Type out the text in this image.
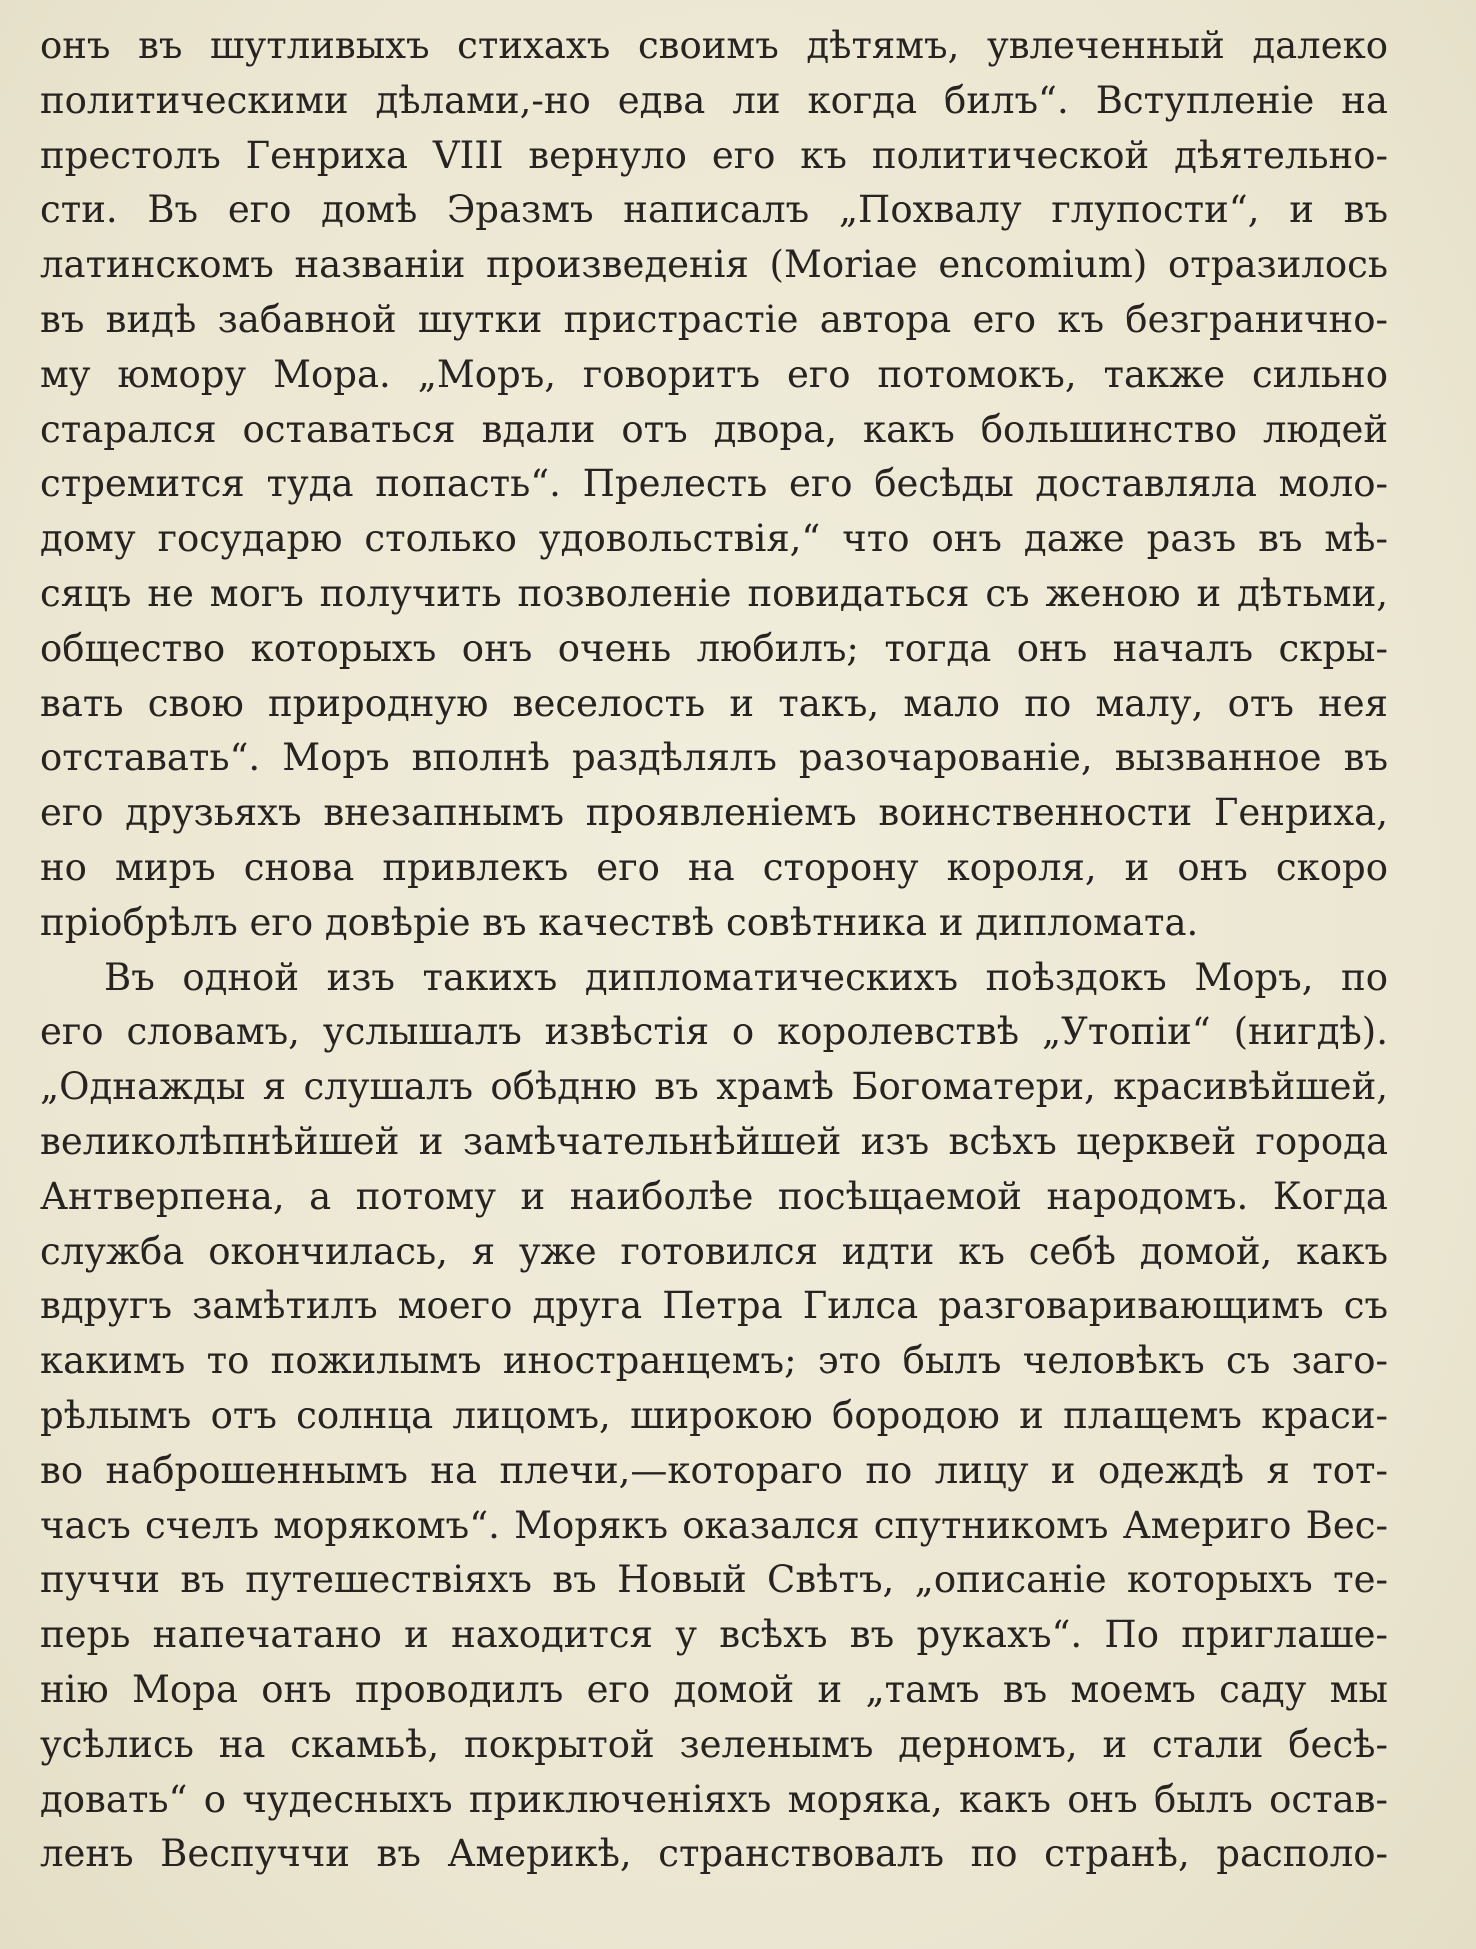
онъ въ шутливыхъ стихахъ своимъ дѣтямъ, увлеченный далеко
политическими дѣлами,-но едва ли когда билъ“. Вступленіе на
престолъ Генриха VIII вернуло его къ политической дѣятельно-
сти. Въ его домѣ Эразмъ написалъ „Похвалу глупости“, и въ
латинскомъ названіи произведенія (Moriae encomium) отразилось
въ видѣ забавной шутки пристрастіе автора его къ безгранично-
му юмору Мора. „Моръ, говоритъ его потомокъ, также сильно
старался оставаться вдали отъ двора, какъ большинство людей
стремится туда попасть“. Прелесть его бесѣды доставляла моло-
дому государю столько удовольствія,“ что онъ даже разъ въ мѣ-
сяцъ не могъ получить позволеніе повидаться съ женою и дѣтьми,
общество которыхъ онъ очень любилъ; тогда онъ началъ скры-
вать свою природную веселость и такъ, мало по малу, отъ нея
отставать“. Моръ вполнѣ раздѣлялъ разочарованіе, вызванное въ
его друзьяхъ внезапнымъ проявленіемъ воинственности Генриха,
но миръ снова привлекъ его на сторону короля, и онъ скоро
пріобрѣлъ его довѣріе въ качествѣ совѣтника и дипломата.
Въ одной изъ такихъ дипломатическихъ поѣздокъ Моръ, по
его словамъ, услышалъ извѣстія о королевствѣ „Утопіи“ (нигдѣ).
„Однажды я слушалъ обѣдню въ храмѣ Богоматери, красивѣйшей,
великолѣпнѣйшей и замѣчательнѣйшей изъ всѣхъ церквей города
Антверпена, а потому и наиболѣе посѣщаемой народомъ. Когда
служба окончилась, я уже готовился идти къ себѣ домой, какъ
вдругъ замѣтилъ моего друга Петра Гилса разговаривающимъ съ
какимъ то пожилымъ иностранцемъ; это былъ человѣкъ съ заго-
рѣлымъ отъ солнца лицомъ, широкою бородою и плащемъ краси-
во наброшеннымъ на плечи,—котораго по лицу и одеждѣ я тот-
часъ счелъ морякомъ“. Морякъ оказался спутникомъ Америго Вес-
пуччи въ путешествіяхъ въ Новый Свѣтъ, „описаніе которыхъ те-
перь напечатано и находится у всѣхъ въ рукахъ“. По приглаше-
нію Мора онъ проводилъ его домой и „тамъ въ моемъ саду мы
усѣлись на скамьѣ, покрытой зеленымъ дерномъ, и стали бесѣ-
довать“ о чудесныхъ приключеніяхъ моряка, какъ онъ былъ остав-
ленъ Веспуччи въ Америкѣ, странствовалъ по странѣ, располо-
